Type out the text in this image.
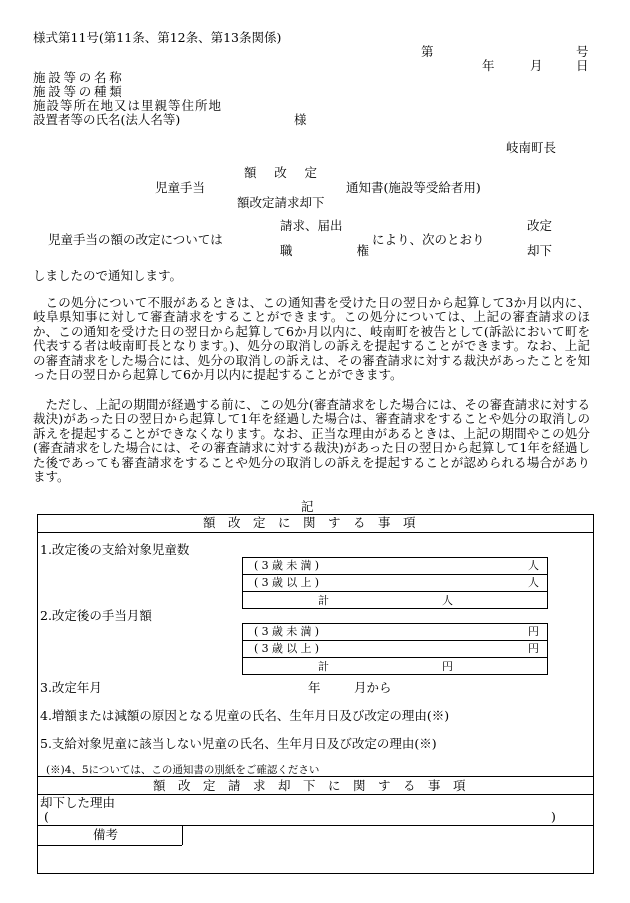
様式第11号(第11条、第12条、第13条関係)
第	号
年	月	日
施設等の名称
施設等の種類
施設等所在地又は里親等住所地
設置者等の氏名(法人名等)	様
岐南町長
額 改 定
児童手当	通知書(施設等受給者用)
額改定請求却下
請求、届出
児童手当の額の改定については	により、次のとおり
改定
職 権	却下
しましたので通知します。
この処分について不服があるときは、この通知書を受けた日の翌日から起算して3か月以内に、岐阜県知事に対して審査請求をすることができます。この処分については、上記の審査請求のほか、この通知を受けた日の翌日から起算して6か月以内に、岐南町を被告として(訴訟において町を代表する者は岐南町長となります。)、処分の取消しの訴えを提起することができます。なお、上記の審査請求をした場合には、処分の取消しの訴えは、その審査請求に対する裁決があったことを知った日の翌日から起算して6か月以内に提起することができます。
ただし、上記の期間が経過する前に、この処分(審査請求をした場合には、その審査請求に対する裁決)があった日の翌日から起算して1年を経過した場合は、審査請求をすることや処分の取消しの訴えを提起することができなくなります。なお、正当な理由があるときは、上記の期間やこの処分(審査請求をした場合には、その審査請求に対する裁決)があった日の翌日から起算して1年を経過した後であっても審査請求をすることや処分の取消しの訴えを提起することが認められる場合があります。
記
額改定に関する事項
1.改定後の支給対象児童数
(3歳未満)	人
(3歳以上)	人
計	人
2.改定後の手当月額
(3歳未満)	円
(3歳以上)	円
計	円
3.改定年月	年	月から
4.増額または減額の原因となる児童の氏名、生年月日及び改定の理由(※)
5.支給対象児童に該当しない児童の氏名、生年月日及び改定の理由(※)
(※)4、5については、この通知書の別紙をご確認ください
額改定請求却下に関する事項
却下した理由
(	)
備考
